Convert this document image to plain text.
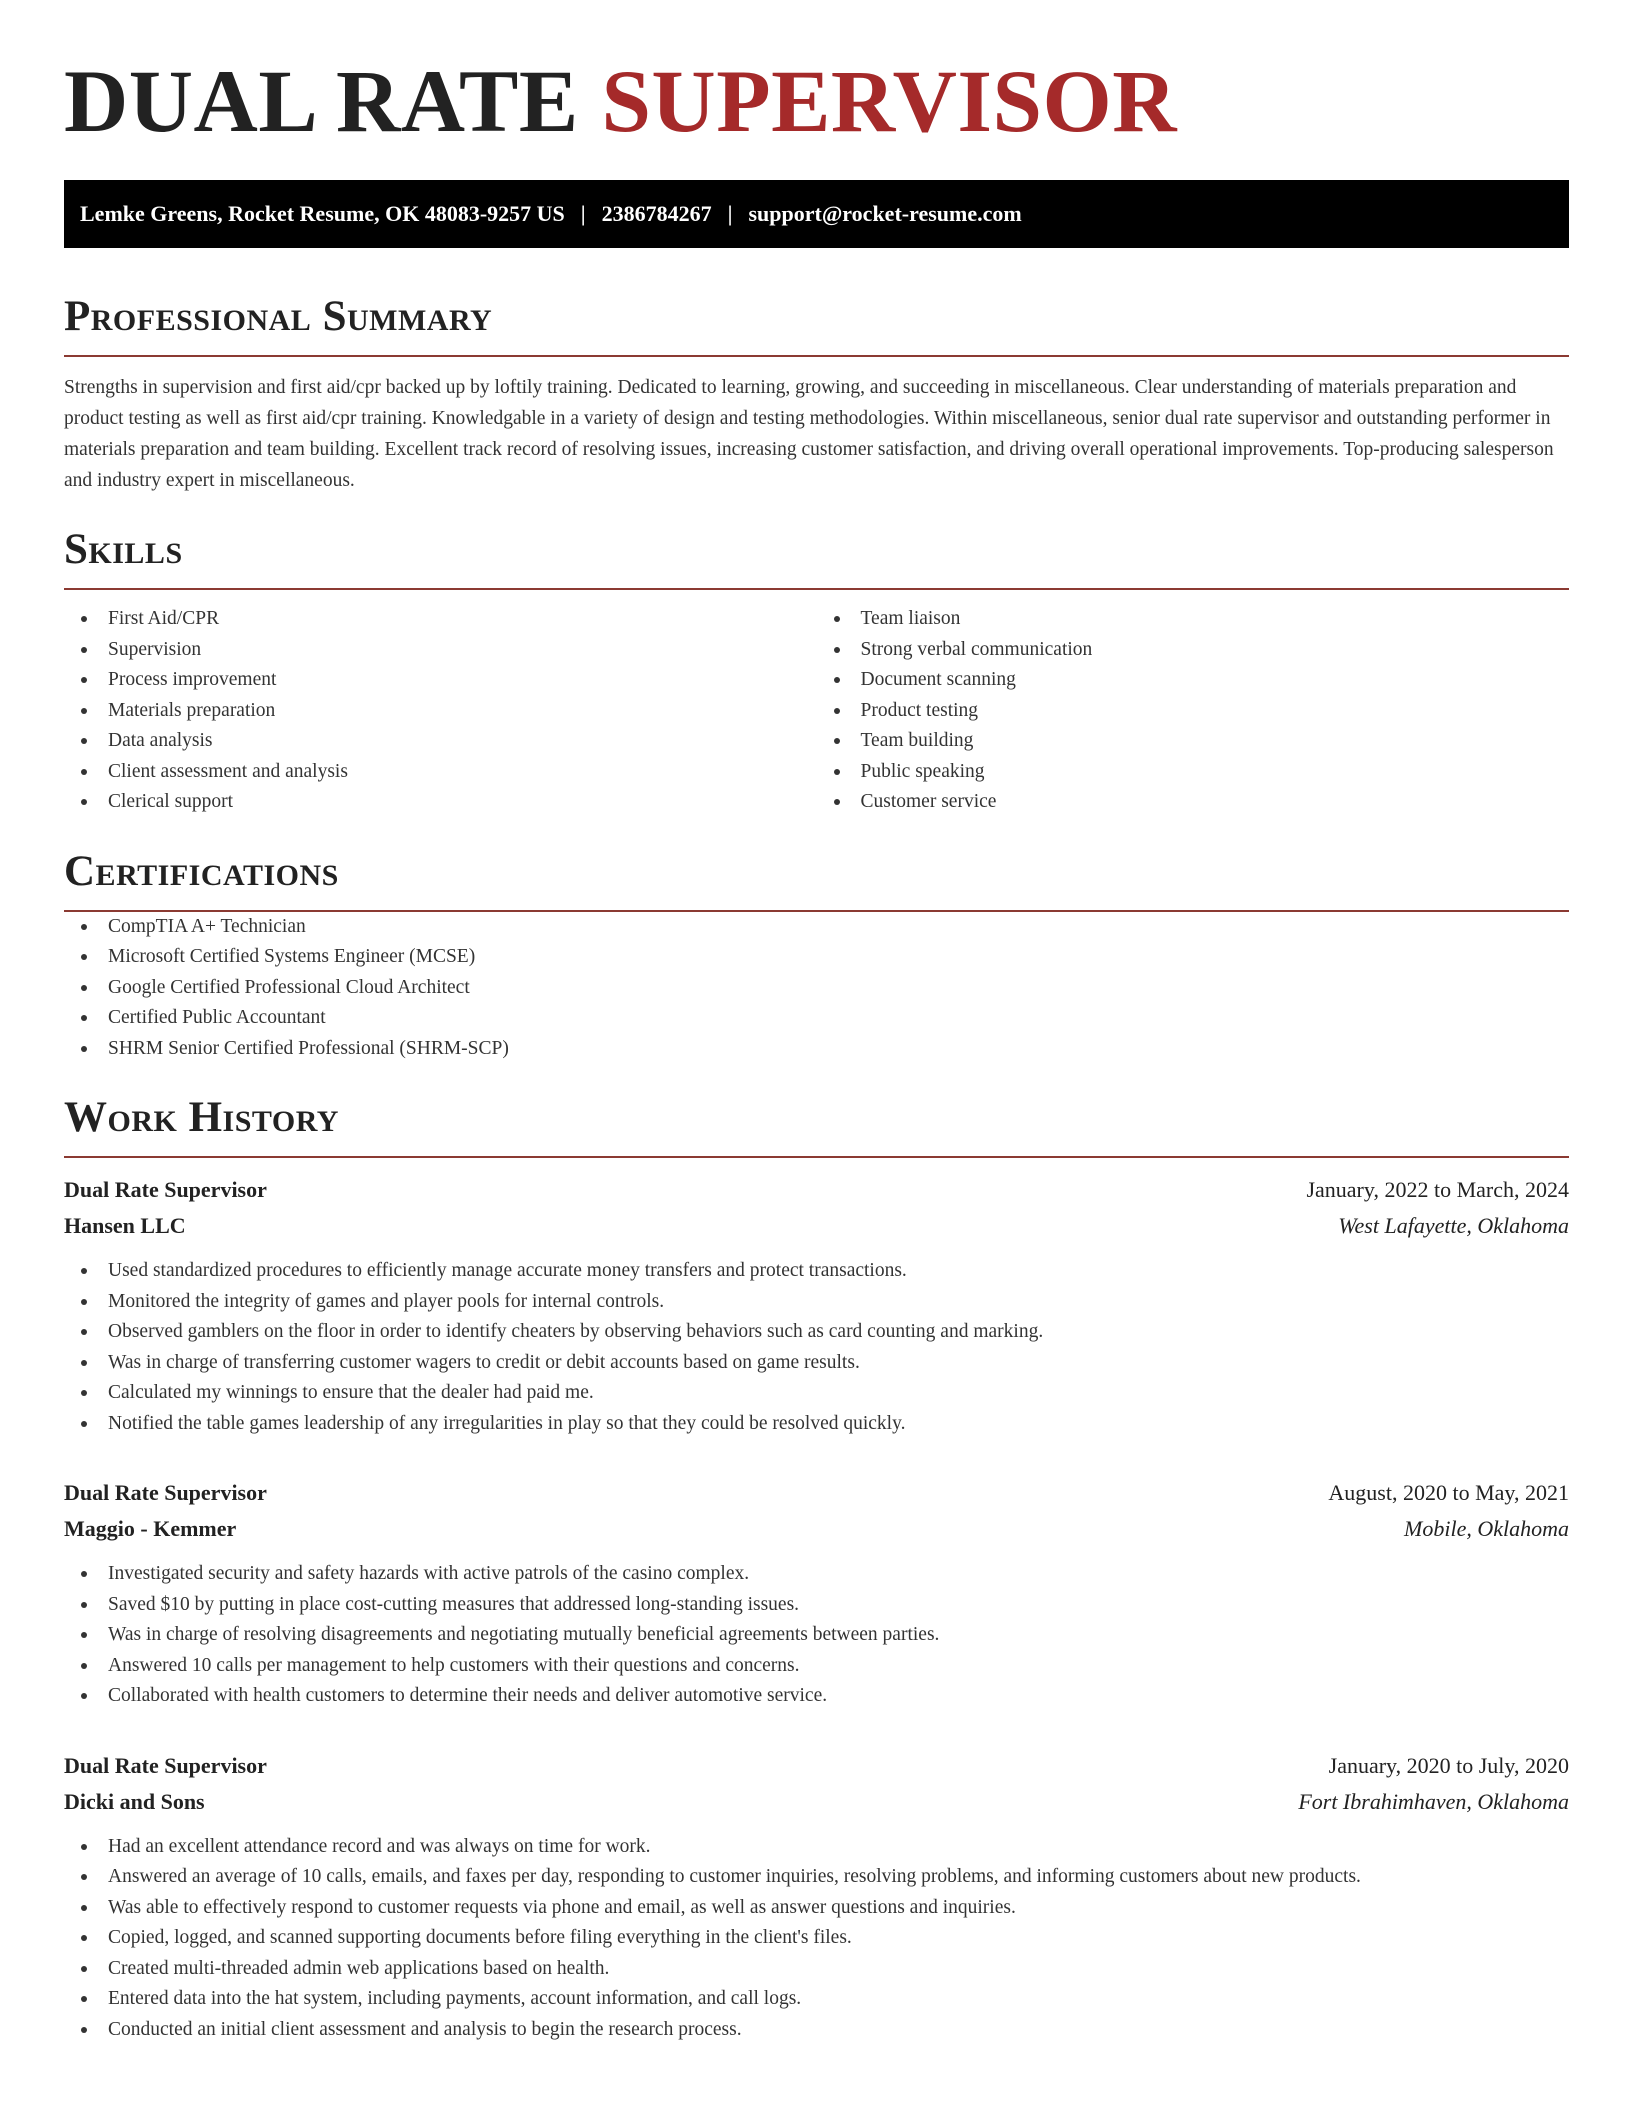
DUAL RATE SUPERVISOR
Lemke Greens, Rocket Resume, OK 48083-9257 US | 2386784267 | support@rocket-resume.com
Professional Summary

Strengths in supervision and first aid/cpr backed up by loftily training. Dedicated to learning, growing, and succeeding in miscellaneous. Clear understanding of materials preparation and product testing as well as first aid/cpr training. Knowledgable in a variety of design and testing methodologies. Within miscellaneous, senior dual rate supervisor and outstanding performer in materials preparation and team building. Excellent track record of resolving issues, increasing customer satisfaction, and driving overall operational improvements. Top-producing salesperson and industry expert in miscellaneous.

Skills
First Aid/CPR
Supervision
Process improvement
Materials preparation
Data analysis
Client assessment and analysis
Clerical support
Team liaison
Strong verbal communication
Document scanning
Product testing
Team building
Public speaking
Customer service
Certifications
CompTIA A+ Technician
Microsoft Certified Systems Engineer (MCSE)
Google Certified Professional Cloud Architect
Certified Public Accountant
SHRM Senior Certified Professional (SHRM-SCP)
Work History
Dual Rate Supervisor	January, 2022 to March, 2024
Hansen LLC	West Lafayette, Oklahoma
Used standardized procedures to efficiently manage accurate money transfers and protect transactions.
Monitored the integrity of games and player pools for internal controls.
Observed gamblers on the floor in order to identify cheaters by observing behaviors such as card counting and marking.
Was in charge of transferring customer wagers to credit or debit accounts based on game results.
Calculated my winnings to ensure that the dealer had paid me.
Notified the table games leadership of any irregularities in play so that they could be resolved quickly.
Dual Rate Supervisor	August, 2020 to May, 2021
Maggio - Kemmer	Mobile, Oklahoma
Investigated security and safety hazards with active patrols of the casino complex.
Saved $10 by putting in place cost-cutting measures that addressed long-standing issues.
Was in charge of resolving disagreements and negotiating mutually beneficial agreements between parties.
Answered 10 calls per management to help customers with their questions and concerns.
Collaborated with health customers to determine their needs and deliver automotive service.
Dual Rate Supervisor	January, 2020 to July, 2020
Dicki and Sons	Fort Ibrahimhaven, Oklahoma
Had an excellent attendance record and was always on time for work.
Answered an average of 10 calls, emails, and faxes per day, responding to customer inquiries, resolving problems, and informing customers about new products.
Was able to effectively respond to customer requests via phone and email, as well as answer questions and inquiries.
Copied, logged, and scanned supporting documents before filing everything in the client's files.
Created multi-threaded admin web applications based on health.
Entered data into the hat system, including payments, account information, and call logs.
Conducted an initial client assessment and analysis to begin the research process.
